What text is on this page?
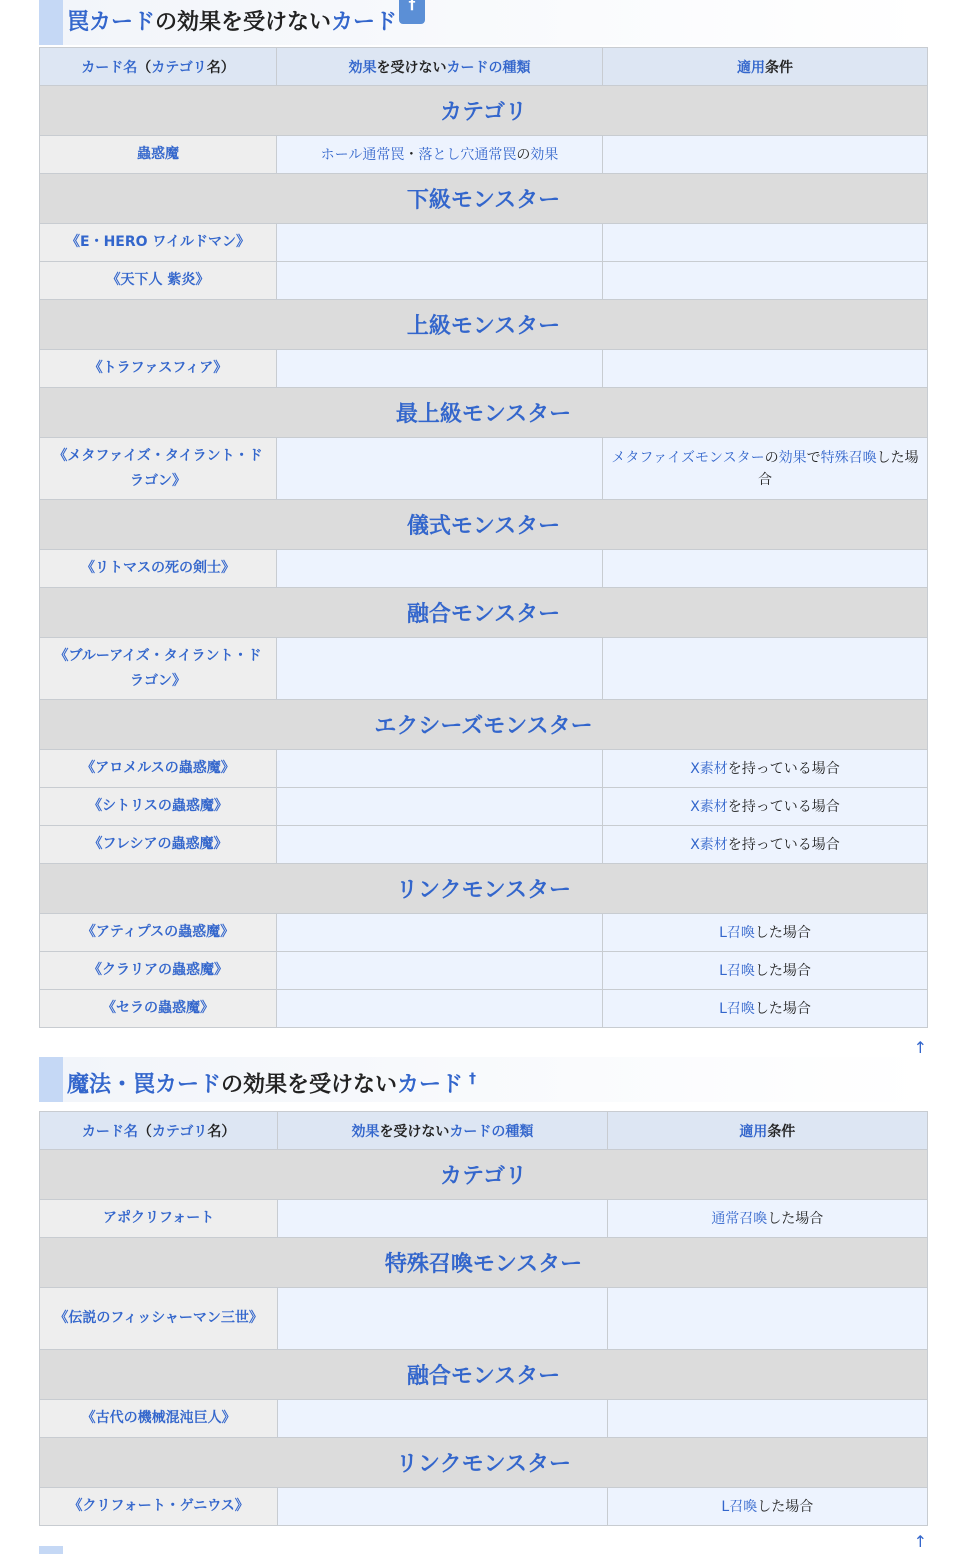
罠カードの効果を受けないカード†
カード名（カテゴリ名）	効果を受けないカードの種類	適用条件
カテゴリ		
蟲惑魔	ホール通常罠・落とし穴通常罠の効果	
下級モンスター		
《E・HERO ワイルドマン》		
《天下人 紫炎》		
上級モンスター		
《トラファスフィア》		
最上級モンスター		
《メタファイズ・タイラント・ドラゴン》		メタファイズモンスターの効果で特殊召喚した場合
儀式モンスター		
《リトマスの死の剣士》		
融合モンスター		
《ブルーアイズ・タイラント・ドラゴン》		
エクシーズモンスター		
《アロメルスの蟲惑魔》		X素材を持っている場合
《シトリスの蟲惑魔》		X素材を持っている場合
《フレシアの蟲惑魔》		X素材を持っている場合
リンクモンスター		
《アティプスの蟲惑魔》		L召喚した場合
《クラリアの蟲惑魔》		L召喚した場合
《セラの蟲惑魔》		L召喚した場合
↑
魔法・罠カードの効果を受けないカード †
カード名（カテゴリ名）	効果を受けないカードの種類	適用条件
カテゴリ		
アポクリフォート		通常召喚した場合
特殊召喚モンスター		
《伝説のフィッシャーマン三世》		
融合モンスター		
《古代の機械混沌巨人》		
リンクモンスター		
《クリフォート・ゲニウス》		L召喚した場合
↑
